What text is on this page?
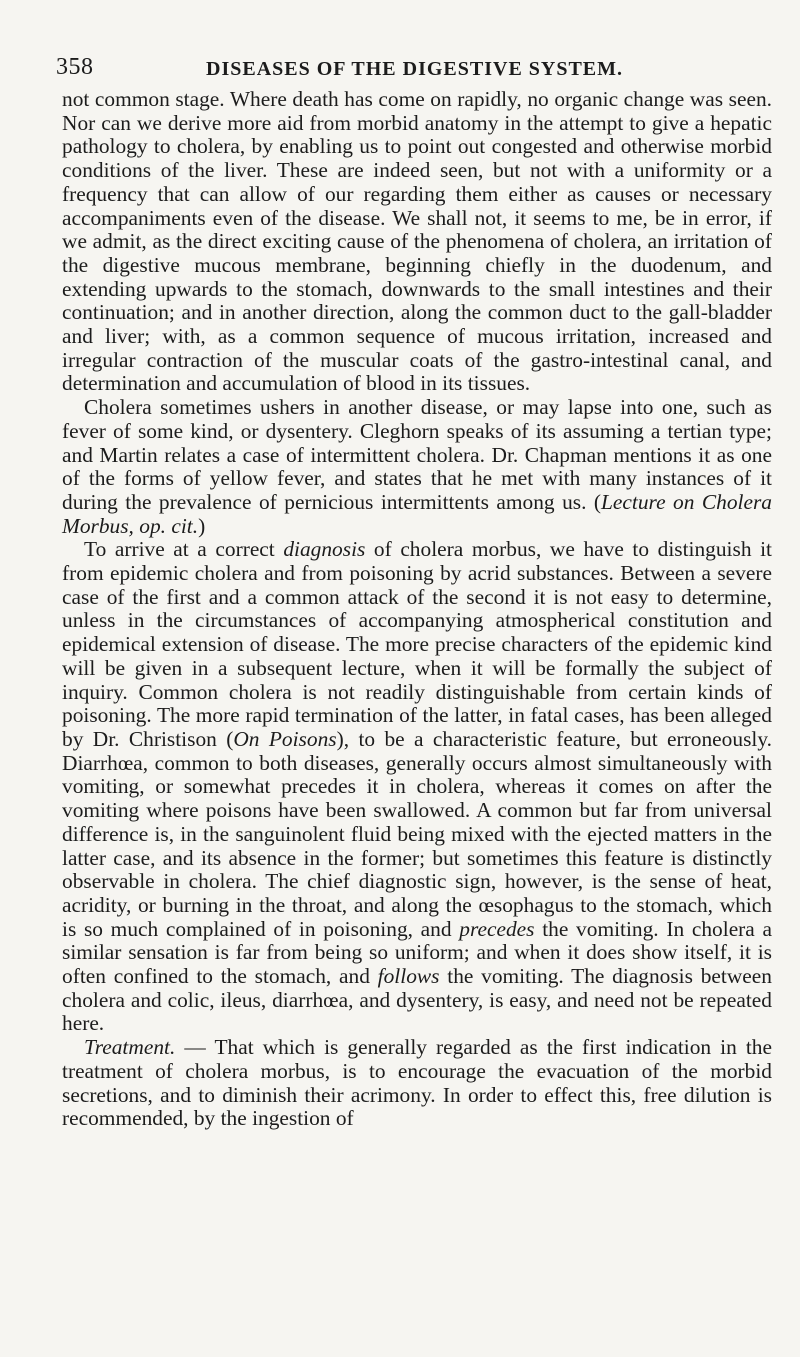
358	DISEASES OF THE DIGESTIVE SYSTEM.

not common stage. Where death has come on rapidly, no organic change was seen. Nor can we derive more aid from morbid anatomy in the attempt to give a hepatic pathology to cholera, by enabling us to point out congested and otherwise morbid conditions of the liver. These are indeed seen, but not with a uniformity or a frequency that can allow of our regarding them either as causes or necessary accompaniments even of the disease. We shall not, it seems to me, be in error, if we admit, as the direct exciting cause of the phenomena of cholera, an irritation of the digestive mucous membrane, beginning chiefly in the duodenum, and extending upwards to the stomach, downwards to the small intestines and their continuation; and in another direction, along the common duct to the gall-bladder and liver; with, as a common sequence of mucous irritation, increased and irregular contraction of the muscular coats of the gastro-intestinal canal, and determination and accumulation of blood in its tissues.

Cholera sometimes ushers in another disease, or may lapse into one, such as fever of some kind, or dysentery. Cleghorn speaks of its assuming a tertian type; and Martin relates a case of intermittent cholera. Dr. Chapman mentions it as one of the forms of yellow fever, and states that he met with many instances of it during the prevalence of pernicious intermittents among us. (Lecture on Cholera Morbus, op. cit.)

To arrive at a correct diagnosis of cholera morbus, we have to distinguish it from epidemic cholera and from poisoning by acrid substances. Between a severe case of the first and a common attack of the second it is not easy to determine, unless in the circumstances of accompanying atmospherical constitution and epidemical extension of disease. The more precise characters of the epidemic kind will be given in a subsequent lecture, when it will be formally the subject of inquiry. Common cholera is not readily distinguishable from certain kinds of poisoning. The more rapid termination of the latter, in fatal cases, has been alleged by Dr. Christison (On Poisons), to be a characteristic feature, but erroneously. Diarrhœa, common to both diseases, generally occurs almost simultaneously with vomiting, or somewhat precedes it in cholera, whereas it comes on after the vomiting where poisons have been swallowed. A common but far from universal difference is, in the sanguinolent fluid being mixed with the ejected matters in the latter case, and its absence in the former; but sometimes this feature is distinctly observable in cholera. The chief diagnostic sign, however, is the sense of heat, acridity, or burning in the throat, and along the œsophagus to the stomach, which is so much complained of in poisoning, and precedes the vomiting. In cholera a similar sensation is far from being so uniform; and when it does show itself, it is often confined to the stomach, and follows the vomiting. The diagnosis between cholera and colic, ileus, diarrhœa, and dysentery, is easy, and need not be repeated here.

Treatment. — That which is generally regarded as the first indication in the treatment of cholera morbus, is to encourage the evacuation of the morbid secretions, and to diminish their acrimony. In order to effect this, free dilution is recommended, by the ingestion of
